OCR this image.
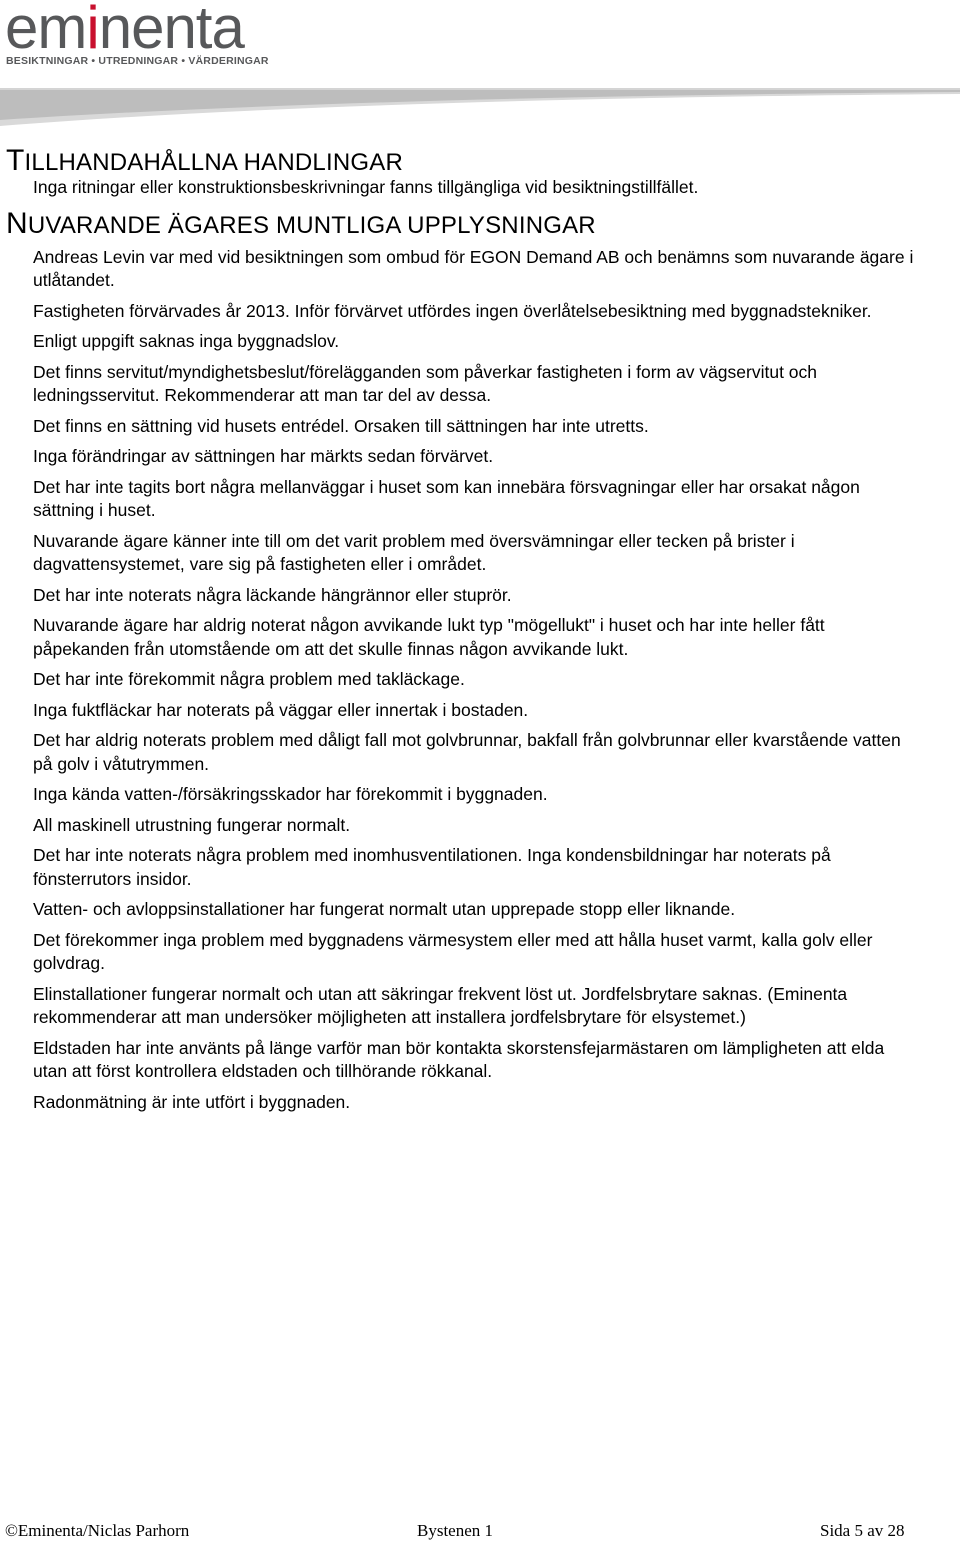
eminenta
BESIKTNINGAR • UTREDNINGAR • VÄRDERINGAR
TILLHANDAHÅLLNA HANDLINGAR

Inga ritningar eller konstruktionsbeskrivningar fanns tillgängliga vid besiktningstillfället.

NUVARANDE ÄGARES MUNTLIGA UPPLYSNINGAR

Andreas Levin var med vid besiktningen som ombud för EGON Demand AB och benämns som nuvarande ägare i utlåtandet.

Fastigheten förvärvades år 2013. Inför förvärvet utfördes ingen överlåtelsebesiktning med byggnadstekniker.

Enligt uppgift saknas inga byggnadslov.

Det finns servitut/myndighetsbeslut/förelägganden som påverkar fastigheten i form av vägservitut och ledningsservitut. Rekommenderar att man tar del av dessa.

Det finns en sättning vid husets entrédel. Orsaken till sättningen har inte utretts.

Inga förändringar av sättningen har märkts sedan förvärvet.

Det har inte tagits bort några mellanväggar i huset som kan innebära försvagningar eller har orsakat någon sättning i huset.

Nuvarande ägare känner inte till om det varit problem med översvämningar eller tecken på brister i dagvattensystemet, vare sig på fastigheten eller i området.

Det har inte noterats några läckande hängrännor eller stuprör.

Nuvarande ägare har aldrig noterat någon avvikande lukt typ "mögellukt" i huset och har inte heller fått påpekanden från utomstående om att det skulle finnas någon avvikande lukt.

Det har inte förekommit några problem med takläckage.

Inga fuktfläckar har noterats på väggar eller innertak i bostaden.

Det har aldrig noterats problem med dåligt fall mot golvbrunnar, bakfall från golvbrunnar eller kvarstående vatten på golv i våtutrymmen.

Inga kända vatten-/försäkringsskador har förekommit i byggnaden.

All maskinell utrustning fungerar normalt.

Det har inte noterats några problem med inomhusventilationen. Inga kondensbildningar har noterats på fönsterrutors insidor.

Vatten- och avloppsinstallationer har fungerat normalt utan upprepade stopp eller liknande.

Det förekommer inga problem med byggnadens värmesystem eller med att hålla huset varmt, kalla golv eller golvdrag.

Elinstallationer fungerar normalt och utan att säkringar frekvent löst ut. Jordfelsbrytare saknas. (Eminenta rekommenderar att man undersöker möjligheten att installera jordfelsbrytare för elsystemet.)

Eldstaden har inte använts på länge varför man bör kontakta skorstensfejarmästaren om lämpligheten att elda utan att först kontrollera eldstaden och tillhörande rökkanal.

Radonmätning är inte utfört i byggnaden.

©Eminenta/Niclas Parhorn	Bystenen 1	Sida 5 av 28
